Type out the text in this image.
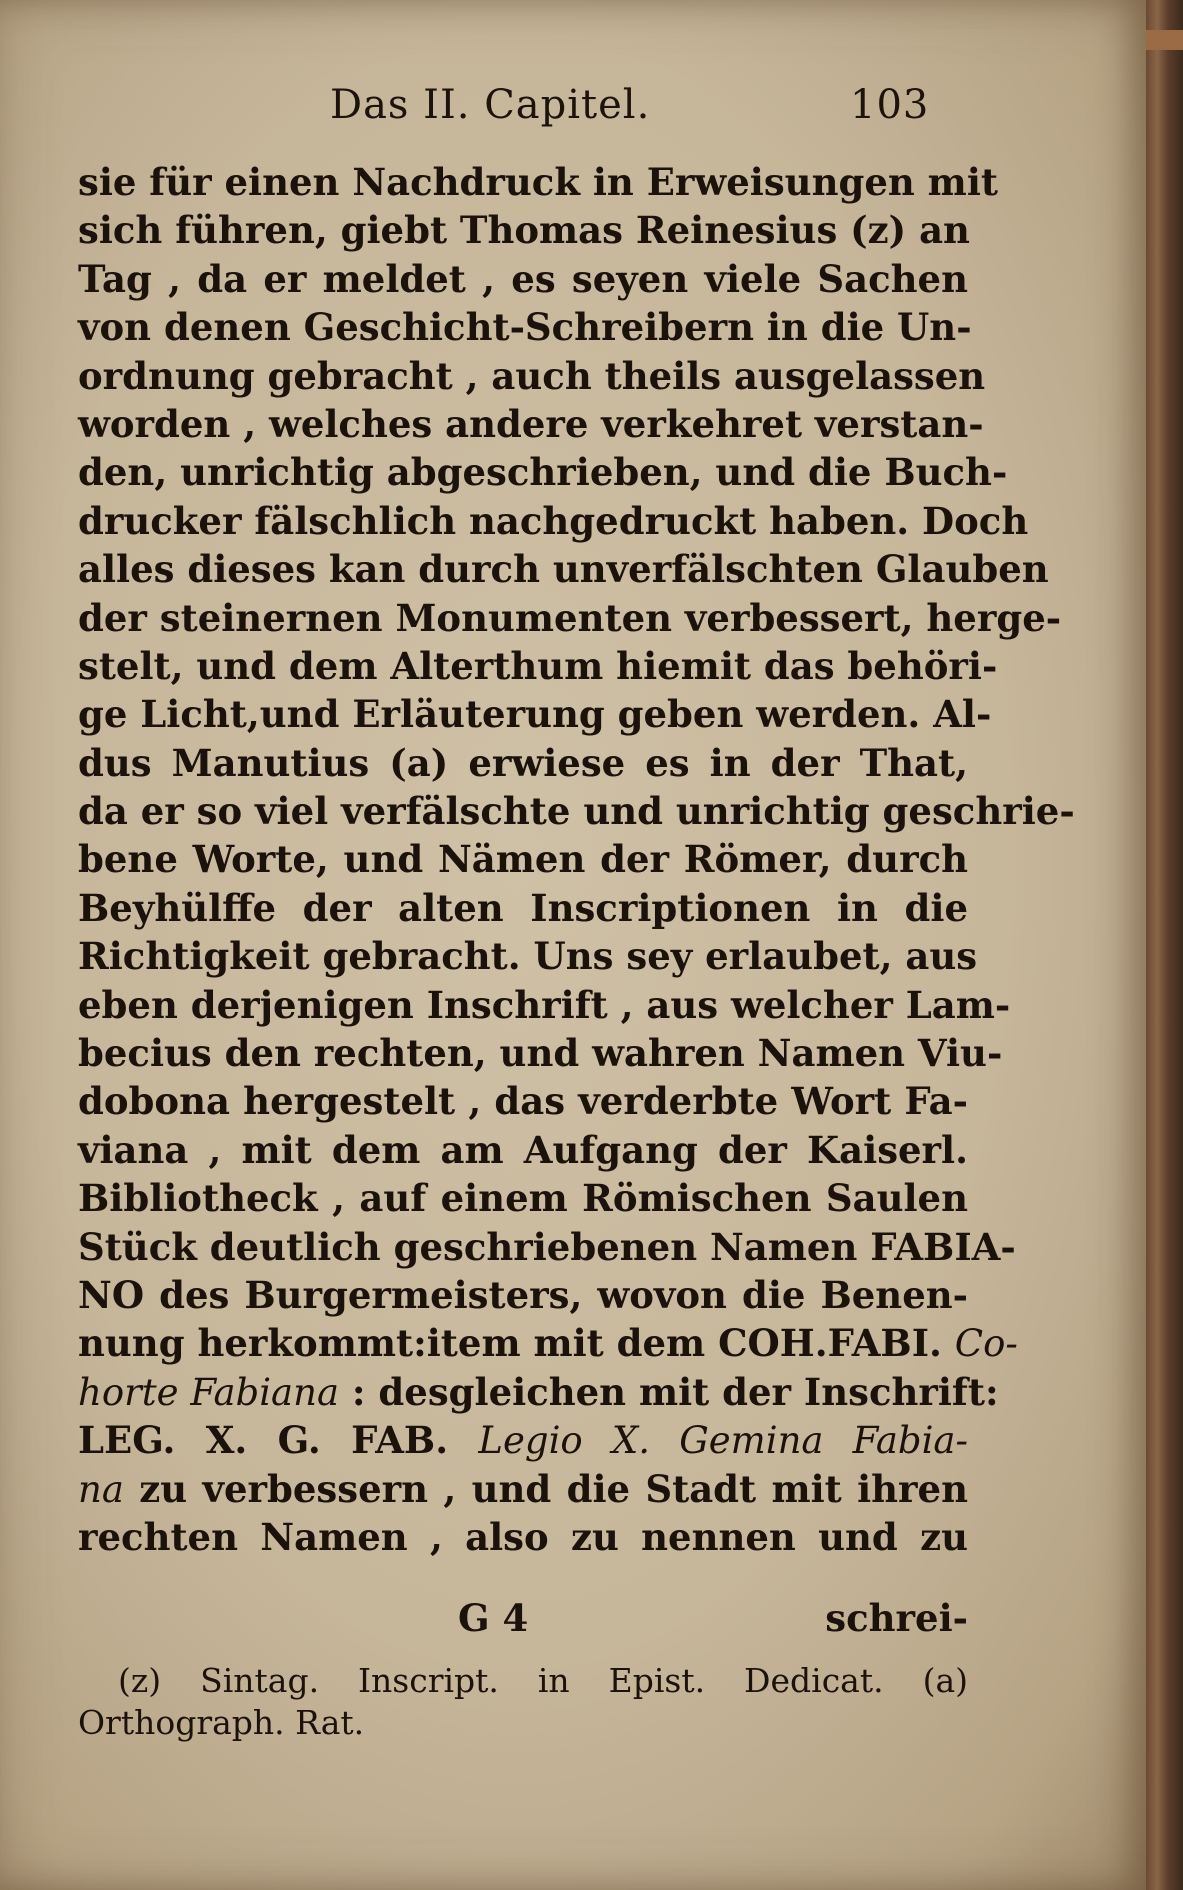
Das II. Capitel.	103
sie für einen Nachdruck in Erweisungen mit
sich führen, giebt Thomas Reinesius (z) an
Tag , da er meldet , es seyen viele Sachen
von denen Geschicht-Schreibern in die Un-
ordnung gebracht , auch theils ausgelassen
worden , welches andere verkehret verstan-
den, unrichtig abgeschrieben, und die Buch-
drucker fälschlich nachgedruckt haben. Doch
alles dieses kan durch unverfälschten Glauben
der steinernen Monumenten verbessert, herge-
stelt, und dem Alterthum hiemit das behöri-
ge Licht,und Erläuterung geben werden. Al-
dus Manutius (a) erwiese es in der That,
da er so viel verfälschte und unrichtig geschrie-
bene Worte, und Nämen der Römer, durch
Beyhülffe der alten Inscriptionen in die
Richtigkeit gebracht. Uns sey erlaubet, aus
eben derjenigen Inschrift , aus welcher Lam-
becius den rechten, und wahren Namen Viu-
dobona hergestelt , das verderbte Wort Fa-
viana , mit dem am Aufgang der Kaiserl.
Bibliotheck , auf einem Römischen Saulen
Stück deutlich geschriebenen Namen FABIA-
NO des Burgermeisters, wovon die Benen-
nung herkommt:item mit dem COH.FABI. Co-
horte Fabiana : desgleichen mit der Inschrift:
LEG. X. G. FAB. Legio X. Gemina Fabia-
na zu verbessern , und die Stadt mit ihren
rechten Namen , also zu nennen und zu
G 4	schrei-
(z) Sintag. Inscript. in Epist. Dedicat. (a)
Orthograph. Rat.
